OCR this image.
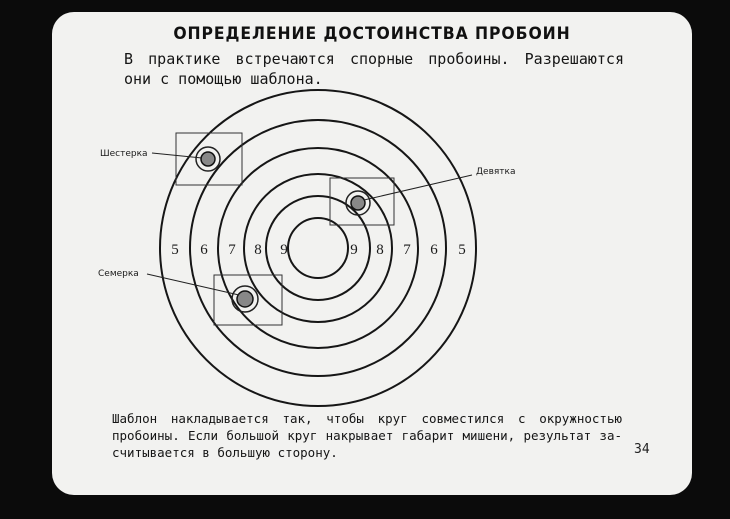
ОПРЕДЕЛЕНИЕ ДОСТОИНСТВА ПРОБОИН
В практике встречаются спорные пробоины. Разрешаются
они с помощью шаблона.
5 6 7 8 9	9 8 7 6 5
Шестерка
Девятка
Семерка
Шаблон накладывается так, чтобы круг совместился с окружностью
пробоины. Если большой круг накрывает габарит мишени, результат за-
считывается в большую сторону.	34
